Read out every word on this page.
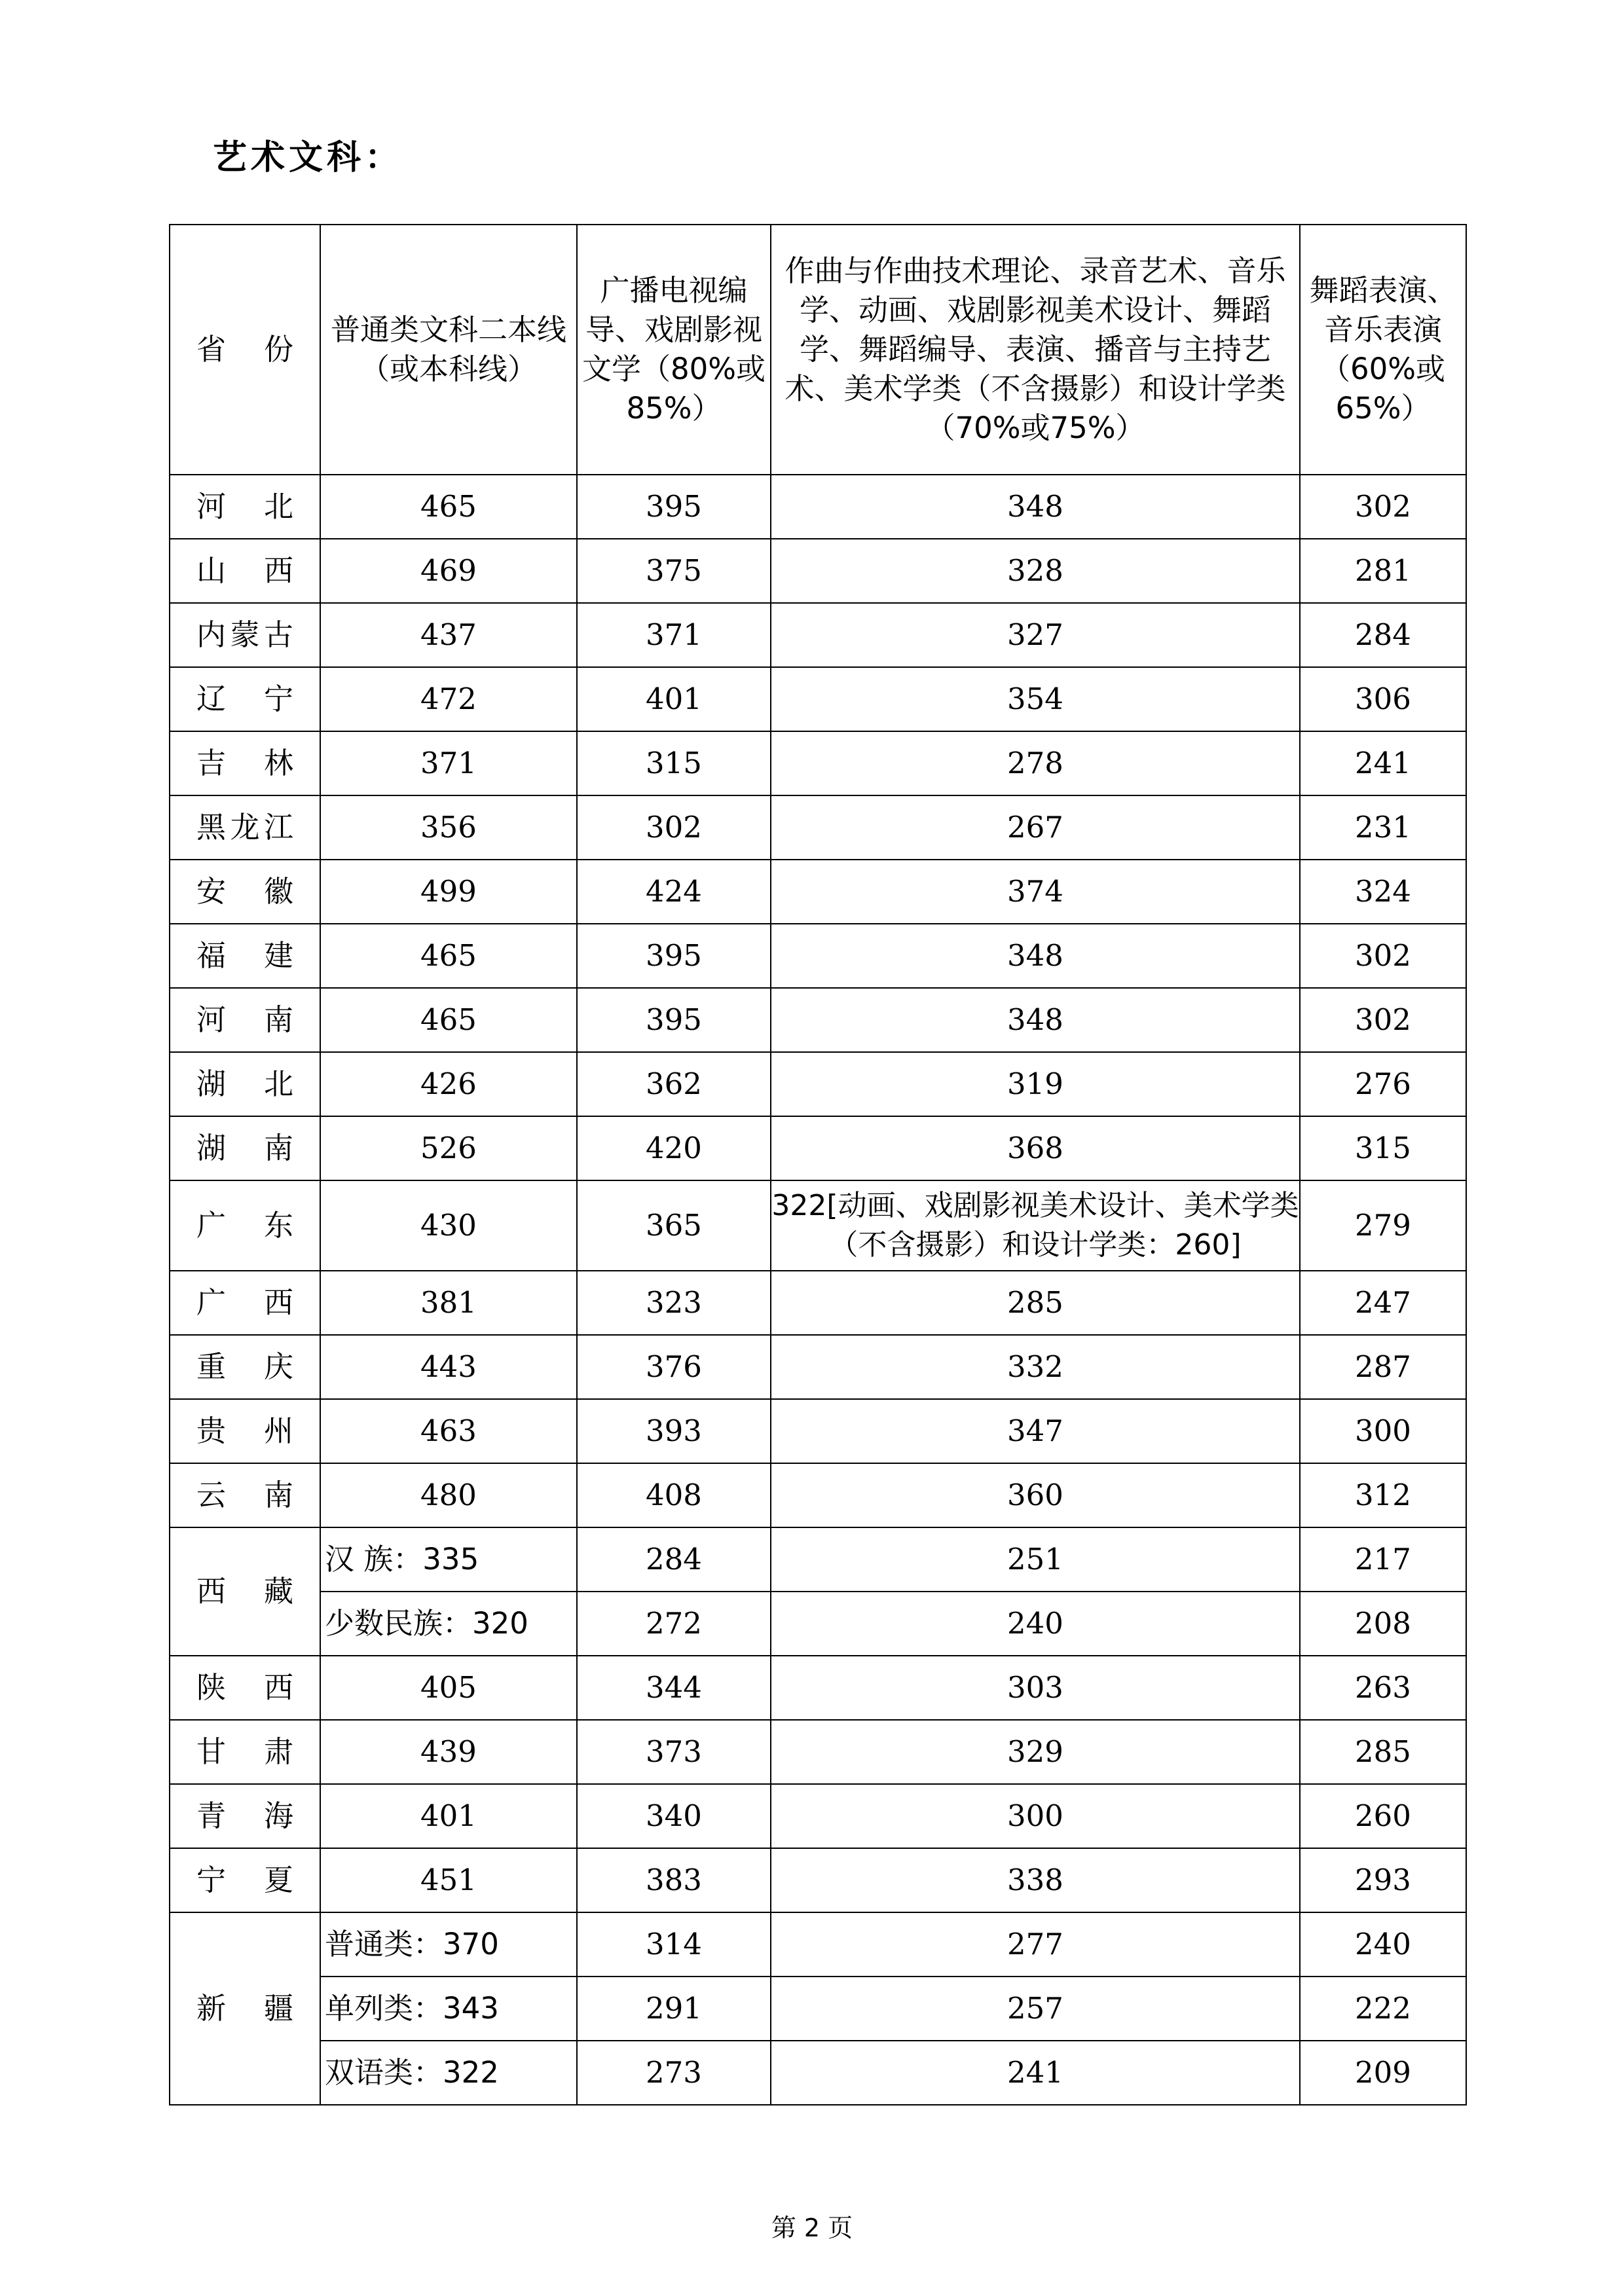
艺术文科：
省 份	普通类文科二本线（或本科线）	广播电视编导、戏剧影视文学（80%或85%）	作曲与作曲技术理论、录音艺术、音乐学、动画、戏剧影视美术设计、舞蹈学、舞蹈编导、表演、播音与主持艺术、美术学类（不含摄影）和设计学类（70%或75%）	舞蹈表演、音乐表演（60%或65%）
河北	465	395	348	302
山西	469	375	328	281
内蒙古	437	371	327	284
辽宁	472	401	354	306
吉林	371	315	278	241
黑龙江	356	302	267	231
安徽	499	424	374	324
福建	465	395	348	302
河南	465	395	348	302
湖北	426	362	319	276
湖南	526	420	368	315
广东	430	365	322[动画、戏剧影视美术设计、美术学类（不含摄影）和设计学类：260]	279
广西	381	323	285	247
重庆	443	376	332	287
贵州	463	393	347	300
云南	480	408	360	312
西藏	汉 族：335	284	251	217
	少数民族：320	272	240	208
陕西	405	344	303	263
甘肃	439	373	329	285
青海	401	340	300	260
宁夏	451	383	338	293
新疆	普通类：370	314	277	240
	单列类：343	291	257	222
	双语类：322	273	241	209
第 2 页
